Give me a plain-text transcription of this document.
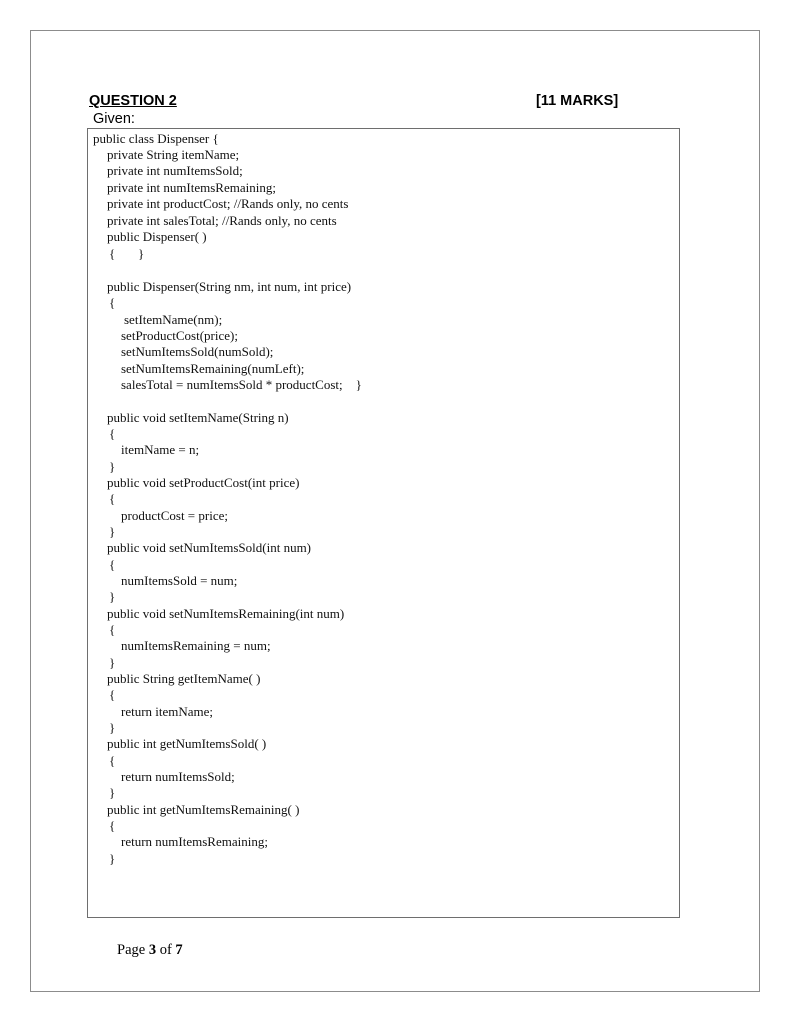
QUESTION 2	[11 MARKS]
Given:
public class Dispenser {
private String itemName;
private int numItemsSold;
private int numItemsRemaining;
private int productCost; //Rands only, no cents
private int salesTotal; //Rands only, no cents
public Dispenser( )
{       }
public Dispenser(String nm, int num, int price)
{
setItemName(nm);
setProductCost(price);
setNumItemsSold(numSold);
setNumItemsRemaining(numLeft);
salesTotal = numItemsSold * productCost;    }
public void setItemName(String n)
{
itemName = n;
}
public void setProductCost(int price)
{
productCost = price;
}
public void setNumItemsSold(int num)
{
numItemsSold = num;
}
public void setNumItemsRemaining(int num)
{
numItemsRemaining = num;
}
public String getItemName( )
{
return itemName;
}
public int getNumItemsSold( )
{
return numItemsSold;
}
public int getNumItemsRemaining( )
{
return numItemsRemaining;
}
Page 3 of 7
